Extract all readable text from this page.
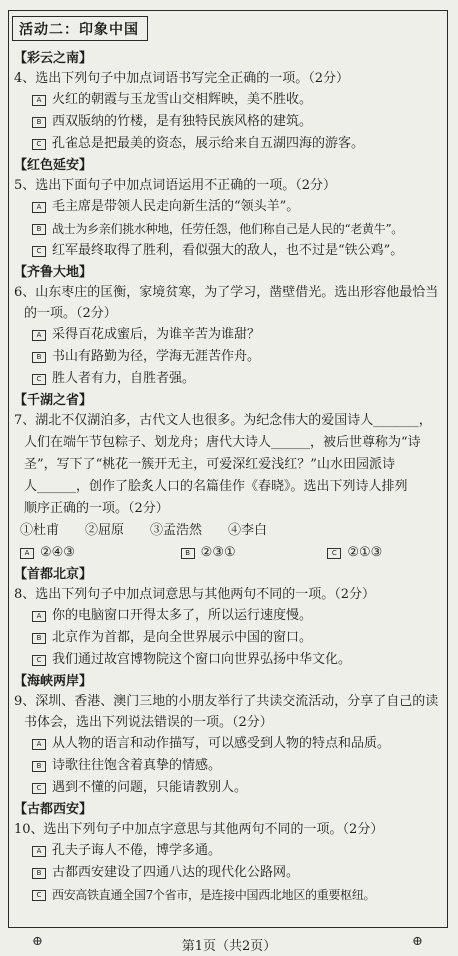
活动二：印象中国
【彩云之南】
4、选出下列句子中加点词语书写完全正确的一项。（2分）
A 火红的朝霞与玉龙雪山交相辉映，美不胜收。
B 西双版纳的竹楼，是有独特民族风格的建筑。
C 孔雀总是把最美的资态，展示给来自五湖四海的游客。
【红色延安】
5、选出下面句子中加点词语运用不正确的一项。（2分）
A 毛主席是带领人民走向新生活的“领头羊”。
B 战士为乡亲们挑水种地，任劳任怨，他们称自己是人民的“老黄牛”。
C 红军最终取得了胜利，看似强大的敌人，也不过是“铁公鸡”。
【齐鲁大地】
6、山东枣庄的匡衡，家境贫寒，为了学习，凿壁借光。选出形容他最恰当的一项。（2分）
A 采得百花成蜜后，为谁辛苦为谁甜？
B 书山有路勤为径，学海无涯苦作舟。
C 胜人者有力，自胜者强。
【千湖之省】
7、湖北不仅湖泊多，古代文人也很多。为纪念伟大的爱国诗人_______，
人们在端午节包粽子、划龙舟；唐代大诗人______，被后世尊称为“诗
圣”，写下了“桃花一簇开无主，可爱深红爱浅红？”山水田园派诗
人______，创作了脍炙人口的名篇佳作《春晓》。选出下列诗人排列
顺序正确的一项。（2分）
①杜甫 ②屈原 ③孟浩然 ④李白
A ②④③	B ②③①	C ②①③
【首都北京】
8、选出下列句子中加点词意思与其他两句不同的一项。（2分）
A 你的电脑窗口开得太多了，所以运行速度慢。
B 北京作为首都，是向全世界展示中国的窗口。
C 我们通过故宫博物院这个窗口向世界弘扬中华文化。
【海峡两岸】
9、深圳、香港、澳门三地的小朋友举行了共读交流活动，分享了自己的读书体会，选出下列说法错误的一项。（2分）
A 从人物的语言和动作描写，可以感受到人物的特点和品质。
B 诗歌往往饱含着真挚的情感。
C 遇到不懂的问题，只能请教别人。
【古都西安】
10、选出下列句子中加点字意思与其他两句不同的一项。（2分）
A 孔夫子诲人不倦，博学多通。
B 古都西安建设了四通八达的现代化公路网。
C 西安高铁直通全国7个省市，是连接中国西北地区的重要枢纽。
⊕	第1页（共2页）	⊕
